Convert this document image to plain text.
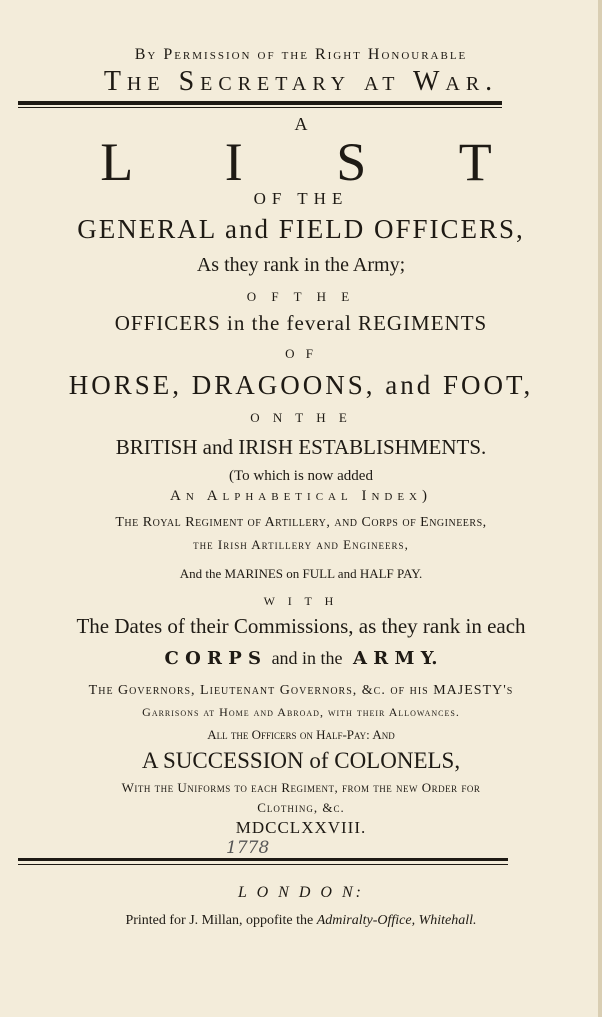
By Permission of the Right Honourable
The Secretary at War.
A
L I S T
OF THE
GENERAL and FIELD OFFICERS,
As they rank in the Army;
O F T H E
OFFICERS in the feveral REGIMENTS
O F
HORSE, DRAGOONS, and FOOT,
O N T H E
BRITISH and IRISH ESTABLISHMENTS.
(To which is now added
An Alphabetical Index)
The Royal Regiment of Artillery, and Corps of Engineers,
the Irish Artillery and Engineers,
And the MARINES on FULL and HALF PAY.
W I T H
The Dates of their Commissions, as they rank in each
C O R P S and in the A R M Y.
The Governors, Lieutenant Governors, &c. of his MAJESTY's
Garrisons at Home and Abroad, with their Allowances.
All the Officers on Half-Pay: And
A SUCCESSION of COLONELS,
With the Uniforms to each Regiment, from the new Order for
Clothing, &c.
MDCCLXXVIII.
1778
L O N D O N:
Printed for J. Millan, oppofite the Admiralty-Office, Whitehall.
